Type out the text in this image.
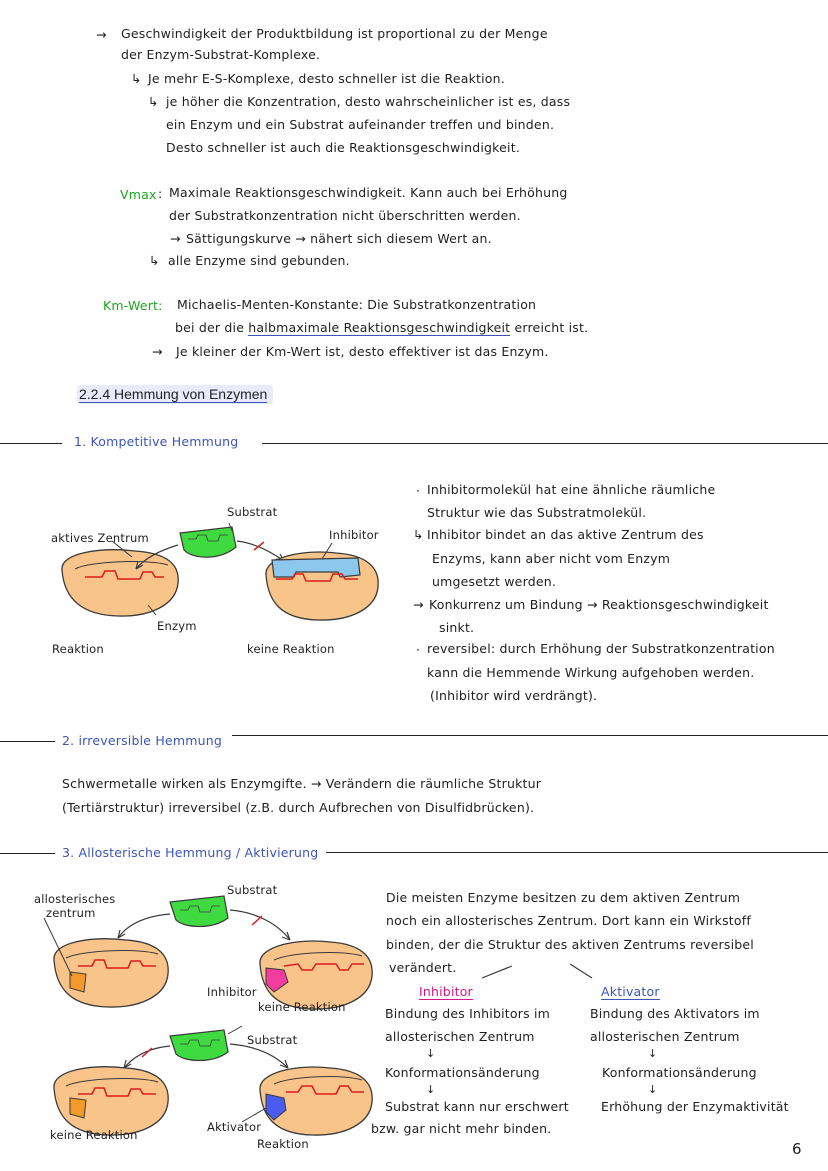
→ Geschwindigkeit der Produktbildung ist proportional zu der Menge
der Enzym-Substrat-Komplexe.
↳ Je mehr E-S-Komplexe, desto schneller ist die Reaktion.
↳ je höher die Konzentration, desto wahrscheinlicher ist es, dass
ein Enzym und ein Substrat aufeinander treffen und binden.
Desto schneller ist auch die Reaktionsgeschwindigkeit.
Vmax : Maximale Reaktionsgeschwindigkeit. Kann auch bei Erhöhung
der Substratkonzentration nicht überschritten werden.
→ Sättigungskurve → nähert sich diesem Wert an.
↳ alle Enzyme sind gebunden.
Km-Wert: Michaelis-Menten-Konstante: Die Substratkonzentration
bei der die halbmaximale Reaktionsgeschwindigkeit erreicht ist.
→ Je kleiner der Km-Wert ist, desto effektiver ist das Enzym.
2.2.4 Hemmung von Enzymen
1. Kompetitive Hemmung
Substrat
aktives Zentrum	Inhibitor
Enzym
Reaktion	keine Reaktion
· Inhibitormolekül hat eine ähnliche räumliche
Struktur wie das Substratmolekül.
↳ Inhibitor bindet an das aktive Zentrum des
Enzyms, kann aber nicht vom Enzym
umgesetzt werden.
→ Konkurrenz um Bindung → Reaktionsgeschwindigkeit
sinkt.
· reversibel: durch Erhöhung der Substratkonzentration
kann die Hemmende Wirkung aufgehoben werden.
(Inhibitor wird verdrängt).
2. irreversible Hemmung
Schwermetalle wirken als Enzymgifte. → Verändern die räumliche Struktur
(Tertiärstruktur) irreversibel (z.B. durch Aufbrechen von Disulfidbrücken).
3. Allosterische Hemmung / Aktivierung
allosterisches
zentrum
Substrat
Inhibitor
keine Reaktion
Substrat
keine Reaktion
Aktivator
Reaktion
Die meisten Enzyme besitzen zu dem aktiven Zentrum
noch ein allosterisches Zentrum. Dort kann ein Wirkstoff
binden, der die Struktur des aktiven Zentrums reversibel
verändert.
Inhibitor
Bindung des Inhibitors im
allosterischen Zentrum
↓
Konformationsänderung
↓
Substrat kann nur erschwert
bzw. gar nicht mehr binden.
Aktivator
Bindung des Aktivators im
allosterischen Zentrum
↓
Konformationsänderung
↓
Erhöhung der Enzymaktivität
6
